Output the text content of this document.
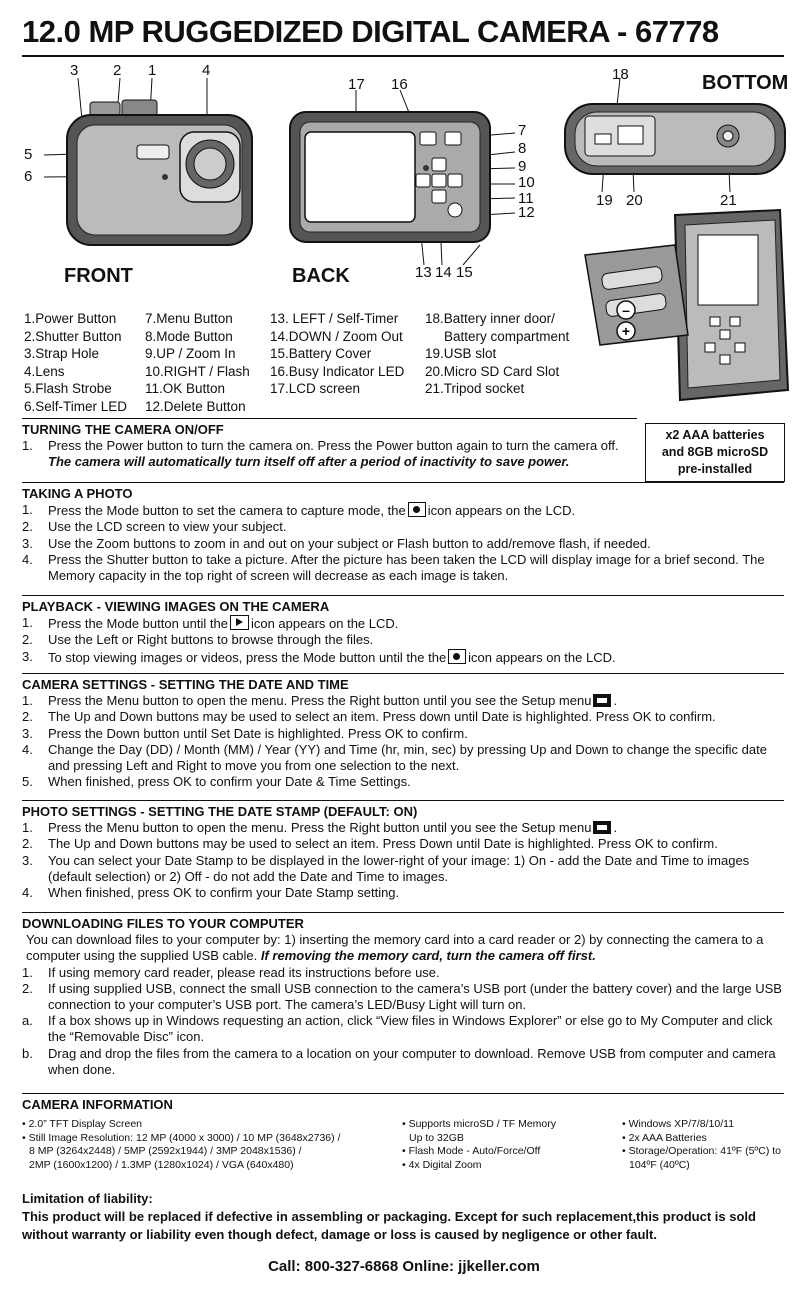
12.0 MP RUGGEDIZED DIGITAL CAMERA - 67778
3 2 1	4
5
6
FRONT
17 16
7
8
9
10
11
12
13 14 15
BACK
BOTTOM
18
19 20	21
–
+
1.Power Button
2.Shutter Button
3.Strap Hole
4.Lens
5.Flash Strobe
6.Self-Timer LED
7.Menu Button
8.Mode Button
9.UP / Zoom In
10.RIGHT / Flash
11.OK Button
12.Delete Button
13. LEFT / Self-Timer
14.DOWN / Zoom Out
15.Battery Cover
16.Busy Indicator LED
17.LCD screen
18.Battery inner door/
Battery compartment
19.USB slot
20.Micro SD Card Slot
21.Tripod socket
x2 AAA batteries
and 8GB microSD
pre-installed
TURNING THE CAMERA ON/OFF
1. Press the Power button to turn the camera on. Press the Power button again to turn the camera off. The camera will automatically turn itself off after a period of inactivity to save power.
TAKING A PHOTO
1. Press the Mode button to set the camera to capture mode, the icon appears on the LCD.
2. Use the LCD screen to view your subject.
3. Use the Zoom buttons to zoom in and out on your subject or Flash button to add/remove flash, if needed.
4. Press the Shutter button to take a picture. After the picture has been taken the LCD will display image for a brief second. The Memory capacity in the top right of screen will decrease as each image is taken.
PLAYBACK - VIEWING IMAGES ON THE CAMERA
1. Press the Mode button until the icon appears on the LCD.
2. Use the Left or Right buttons to browse through the files.
3. To stop viewing images or videos, press the Mode button until the the icon appears on the LCD.
CAMERA SETTINGS - SETTING THE DATE AND TIME
1. Press the Menu button to open the menu. Press the Right button until you see the Setup menu .
2. The Up and Down buttons may be used to select an item. Press down until Date is highlighted. Press OK to confirm.
3. Press the Down button until Set Date is highlighted. Press OK to confirm.
4. Change the Day (DD) / Month (MM) / Year (YY) and Time (hr, min, sec) by pressing Up and Down to change the specific date and pressing Left and Right to move you from one selection to the next.
5. When finished, press OK to confirm your Date & Time Settings.
PHOTO SETTINGS - SETTING THE DATE STAMP (DEFAULT: ON)
1. Press the Menu button to open the menu. Press the Right button until you see the Setup menu .
2. The Up and Down buttons may be used to select an item. Press Down until Date is highlighted. Press OK to confirm.
3. You can select your Date Stamp to be displayed in the lower-right of your image: 1) On - add the Date and Time to images (default selection) or 2) Off - do not add the Date and Time to images.
4. When finished, press OK to confirm your Date Stamp setting.
DOWNLOADING FILES TO YOUR COMPUTER
You can download files to your computer by: 1) inserting the memory card into a card reader or 2) by connecting the camera to a computer using the supplied USB cable. If removing the memory card, turn the camera off first.
1. If using memory card reader, please read its instructions before use.
2. If using supplied USB, connect the small USB connection to the camera’s USB port (under the battery cover) and the large USB connection to your computer’s USB port. The camera’s LED/Busy Light will turn on.
a. If a box shows up in Windows requesting an action, click “View files in Windows Explorer” or else go to My Computer and click the “Removable Disc” icon.
b. Drag and drop the files from the camera to a location on your computer to download. Remove USB from computer and camera when done.
CAMERA INFORMATION
• 2.0” TFT Display Screen
• Still Image Resolution: 12 MP (4000 x 3000) / 10 MP (3648x2736) /
8 MP (3264x2448) / 5MP (2592x1944) / 3MP 2048x1536) /
2MP (1600x1200) / 1.3MP (1280x1024) / VGA (640x480)
• Supports microSD / TF Memory
Up to 32GB
• Flash Mode - Auto/Force/Off
• 4x Digital Zoom
• Windows XP/7/8/10/11
• 2x AAA Batteries
• Storage/Operation: 41ºF (5ºC) to
104ºF (40ºC)
Limitation of liability:
This product will be replaced if defective in assembling or packaging. Except for such replacement,this product is sold without warranty or liability even though defect, damage or loss is caused by negligence or other fault.
Call: 800-327-6868 Online: jjkeller.com
